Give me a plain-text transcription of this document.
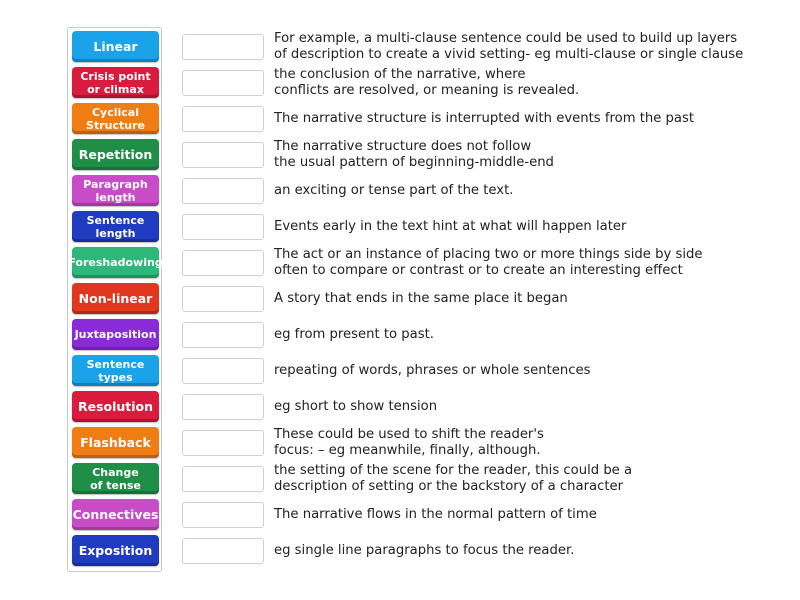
Linear
Crisis point
or climax
Cyclical
Structure
Repetition
Paragraph
length
Sentence
length
Foreshadowing
Non-linear
Juxtaposition
Sentence
types
Resolution
Flashback
Change
of tense
Connectives
Exposition
For example, a multi-clause sentence could be used to build up layers
of description to create a vivid setting- eg multi-clause or single clause
the conclusion of the narrative, where
conflicts are resolved, or meaning is revealed.
The narrative structure is interrupted with events from the past
The narrative structure does not follow
the usual pattern of beginning-middle-end
an exciting or tense part of the text.
Events early in the text hint at what will happen later
The act or an instance of placing two or more things side by side
often to compare or contrast or to create an interesting effect
A story that ends in the same place it began
eg from present to past.
repeating of words, phrases or whole sentences
eg short to show tension
These could be used to shift the reader's
focus: – eg meanwhile, finally, although.
the setting of the scene for the reader, this could be a
description of setting or the backstory of a character
The narrative flows in the normal pattern of time
eg single line paragraphs to focus the reader.
